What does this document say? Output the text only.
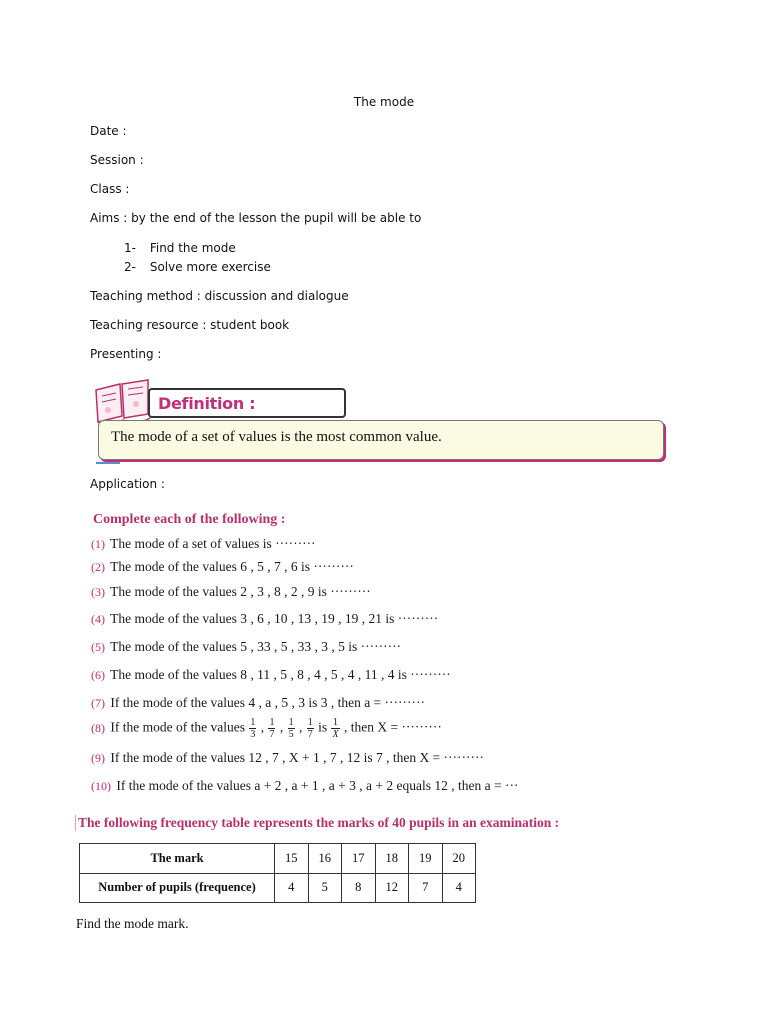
The mode
Date :
Session :
Class :
Aims : by the end of the lesson the pupil will be able to
1- Find the mode
2- Solve more exercise
Teaching method : discussion and dialogue
Teaching resource : student book
Presenting :
Definition :
The mode of a set of values is the most common value.
Application :
Complete each of the following :
(1) The mode of a set of values is ·········
(2) The mode of the values 6 , 5 , 7 , 6 is ·········
(3) The mode of the values 2 , 3 , 8 , 2 , 9 is ·········
(4) The mode of the values 3 , 6 , 10 , 13 , 19 , 19 , 21 is ·········
(5) The mode of the values 5 , 33 , 5 , 33 , 3 , 5 is ·········
(6) The mode of the values 8 , 11 , 5 , 8 , 4 , 5 , 4 , 11 , 4 is ·········
(7) If the mode of the values 4 , a , 5 , 3 is 3 , then a = ·········
(8) If the mode of the values $\frac{1}{3}$ , $\frac{1}{7}$ , $\frac{1}{5}$ , $\frac{1}{7}$ is $\frac{1}{X}$ , then X = ·········
(9) If the mode of the values 12 , 7 , X + 1 , 7 , 12 is 7 , then X = ·········
(10) If the mode of the values a + 2 , a + 1 , a + 3 , a + 2 equals 12 , then a = ···
The following frequency table represents the marks of 40 pupils in an examination :
The mark	15	16	17	18	19	20
Number of pupils (frequence)	4	5	8	12	7	4
Find the mode mark.
